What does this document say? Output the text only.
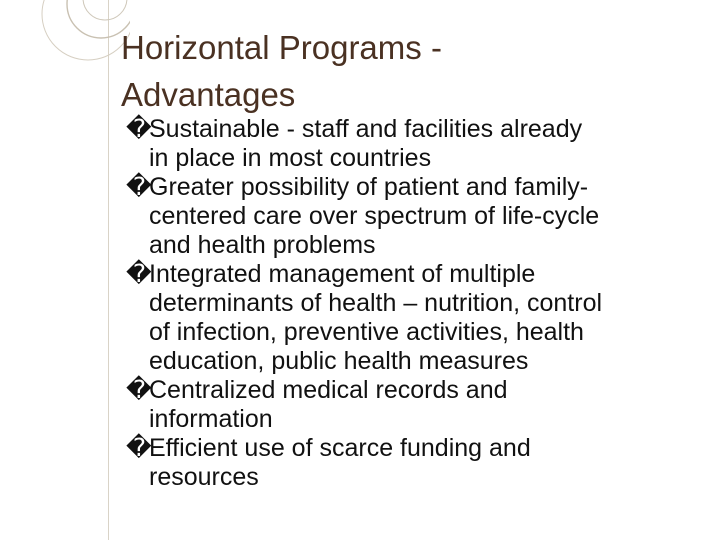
Horizontal Programs -
Advantages
�
Sustainable - staff and facilities already
in place in most countries
�
Greater possibility of patient and family-
centered care over spectrum of life-cycle
and health problems
�
Integrated management of multiple
determinants of health – nutrition, control
of infection, preventive activities, health
education, public health measures
�
Centralized medical records and
information
�
Efficient use of scarce funding and
resources
